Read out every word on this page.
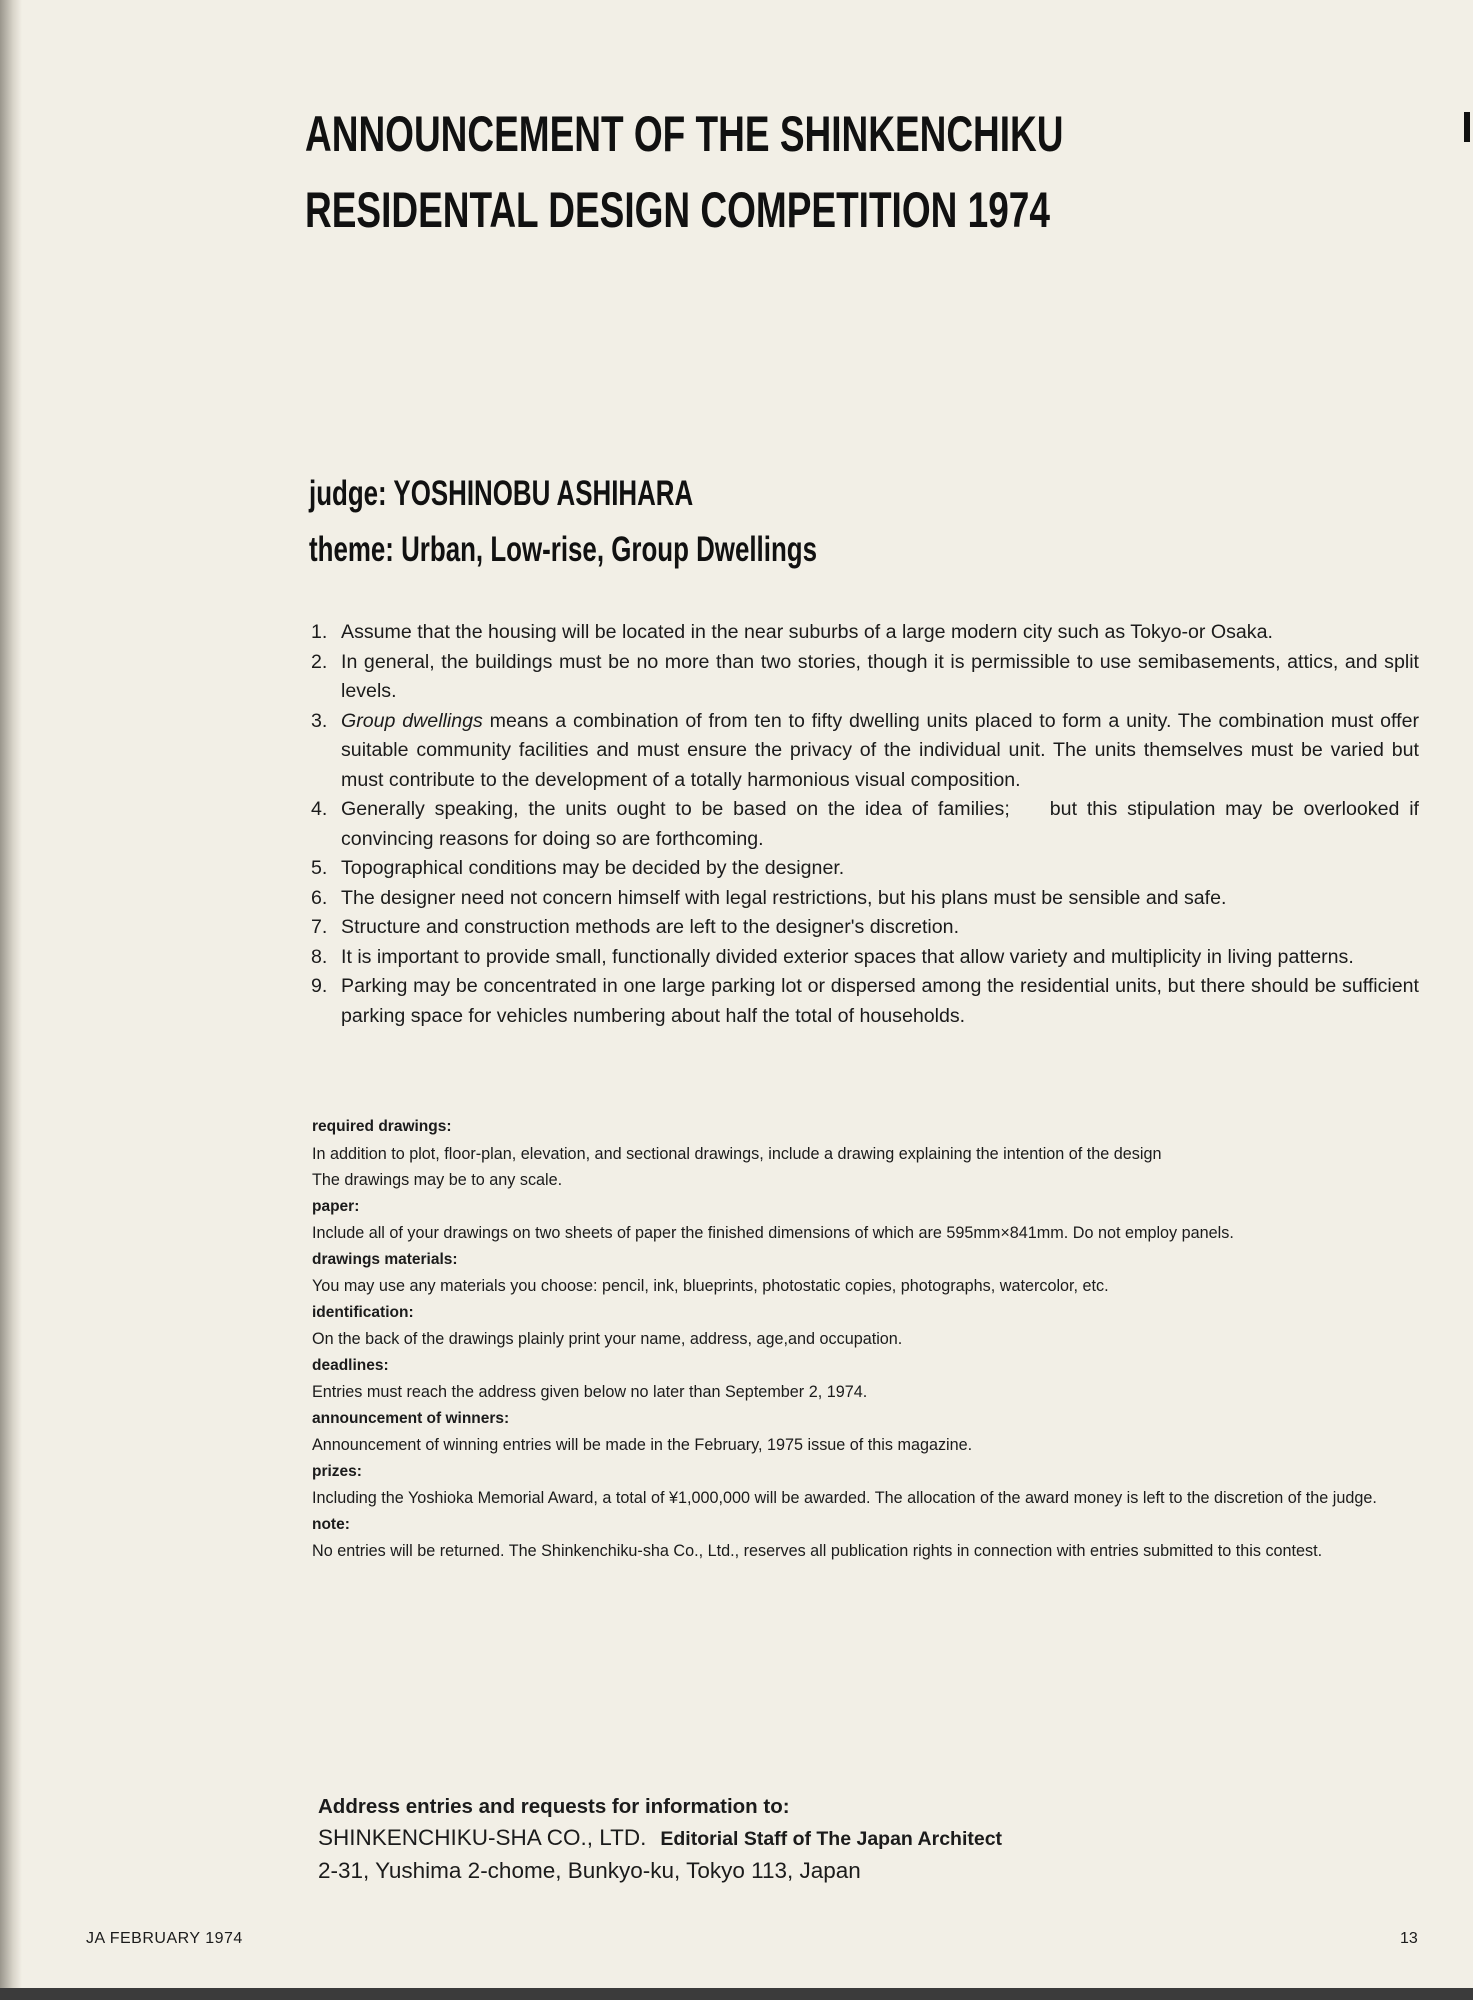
ANNOUNCEMENT OF THE SHINKENCHIKU
RESIDENTAL DESIGN COMPETITION 1974
judge: YOSHINOBU ASHIHARA
theme: Urban, Low-rise, Group Dwellings
1. Assume that the housing will be located in the near suburbs of a large modern city such as Tokyo-or Osaka.
2. In general, the buildings must be no more than two stories, though it is permissible to use semibasements, attics, and split levels.
3. Group dwellings means a combination of from ten to fifty dwelling units placed to form a unity. The combination must offer suitable community facilities and must ensure the privacy of the individual unit. The units themselves must be varied but must contribute to the development of a totally harmonious visual composition.
4. Generally speaking, the units ought to be based on the idea of families; but this stipulation may be overlooked if convincing reasons for doing so are forthcoming.
5. Topographical conditions may be decided by the designer.
6. The designer need not concern himself with legal restrictions, but his plans must be sensible and safe.
7. Structure and construction methods are left to the designer's discretion.
8. It is important to provide small, functionally divided exterior spaces that allow variety and multiplicity in living patterns.
9. Parking may be concentrated in one large parking lot or dispersed among the residential units, but there should be sufficient parking space for vehicles numbering about half the total of households.
required drawings:
In addition to plot, floor-plan, elevation, and sectional drawings, include a drawing explaining the intention of the design
The drawings may be to any scale.
paper:
Include all of your drawings on two sheets of paper the finished dimensions of which are 595mm×841mm. Do not employ panels.
drawings materials:
You may use any materials you choose: pencil, ink, blueprints, photostatic copies, photographs, watercolor, etc.
identification:
On the back of the drawings plainly print your name, address, age,and occupation.
deadlines:
Entries must reach the address given below no later than September 2, 1974.
announcement of winners:
Announcement of winning entries will be made in the February, 1975 issue of this magazine.
prizes:
Including the Yoshioka Memorial Award, a total of ¥1,000,000 will be awarded. The allocation of the award money is left to the discretion of the judge.
note:
No entries will be returned. The Shinkenchiku-sha Co., Ltd., reserves all publication rights in connection with entries submitted to this contest.
Address entries and requests for information to:
SHINKENCHIKU-SHA CO., LTD. Editorial Staff of The Japan Architect
2-31, Yushima 2-chome, Bunkyo-ku, Tokyo 113, Japan
JA FEBRUARY 1974	13
